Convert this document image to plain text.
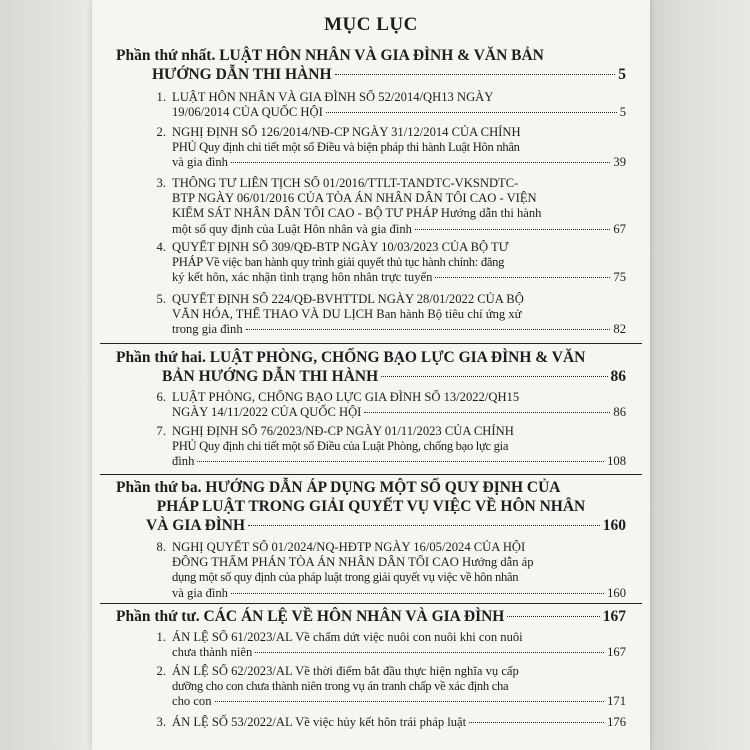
MỤC LỤC
Phần thứ nhất. LUẬT HÔN NHÂN VÀ GIA ĐÌNH & VĂN BẢN
HƯỚNG DẪN THI HÀNH	5
1. LUẬT HÔN NHÂN VÀ GIA ĐÌNH SỐ 52/2014/QH13 NGÀY
19/06/2014 CỦA QUỐC HỘI	5
2. NGHỊ ĐỊNH SỐ 126/2014/NĐ-CP NGÀY 31/12/2014 CỦA CHÍNH
PHỦ Quy định chi tiết một số Điều và biện pháp thi hành Luật Hôn nhân
và gia đình	39
3. THÔNG TƯ LIÊN TỊCH SỐ 01/2016/TTLT-TANDTC-VKSNDTC-
BTP NGÀY 06/01/2016 CỦA TÒA ÁN NHÂN DÂN TỐI CAO - VIỆN
KIỂM SÁT NHÂN DÂN TỐI CAO - BỘ TƯ PHÁP Hướng dẫn thi hành
một số quy định của Luật Hôn nhân và gia đình	67
4. QUYẾT ĐỊNH SỐ 309/QĐ-BTP NGÀY 10/03/2023 CỦA BỘ TƯ
PHÁP Về việc ban hành quy trình giải quyết thủ tục hành chính: đăng
ký kết hôn, xác nhận tình trạng hôn nhân trực tuyến	75
5. QUYẾT ĐỊNH SỐ 224/QĐ-BVHTTDL NGÀY 28/01/2022 CỦA BỘ
VĂN HÓA, THỂ THAO VÀ DU LỊCH Ban hành Bộ tiêu chí ứng xử
trong gia đình	82
Phần thứ hai. LUẬT PHÒNG, CHỐNG BẠO LỰC GIA ĐÌNH & VĂN
BẢN HƯỚNG DẪN THI HÀNH	86
6. LUẬT PHÒNG, CHỐNG BẠO LỰC GIA ĐÌNH SỐ 13/2022/QH15
NGÀY 14/11/2022 CỦA QUỐC HỘI	86
7. NGHỊ ĐỊNH SỐ 76/2023/NĐ-CP NGÀY 01/11/2023 CỦA CHÍNH
PHỦ Quy định chi tiết một số Điều của Luật Phòng, chống bạo lực gia
đình	108
Phần thứ ba. HƯỚNG DẪN ÁP DỤNG MỘT SỐ QUY ĐỊNH CỦA
PHÁP LUẬT TRONG GIẢI QUYẾT VỤ VIỆC VỀ HÔN NHÂN
VÀ GIA ĐÌNH	160
8. NGHỊ QUYẾT SỐ 01/2024/NQ-HĐTP NGÀY 16/05/2024 CỦA HỘI
ĐỒNG THẨM PHÁN TÒA ÁN NHÂN DÂN TỐI CAO Hướng dẫn áp
dụng một số quy định của pháp luật trong giải quyết vụ việc về hôn nhân
và gia đình	160
Phần thứ tư. CÁC ÁN LỆ VỀ HÔN NHÂN VÀ GIA ĐÌNH	167
1. ÁN LỆ SỐ 61/2023/AL Về chấm dứt việc nuôi con nuôi khi con nuôi
chưa thành niên	167
2. ÁN LỆ SỐ 62/2023/AL Về thời điểm bắt đầu thực hiện nghĩa vụ cấp
dưỡng cho con chưa thành niên trong vụ án tranh chấp về xác định cha
cho con	171
3. ÁN LỆ SỐ 53/2022/AL Về việc hủy kết hôn trái pháp luật	176
